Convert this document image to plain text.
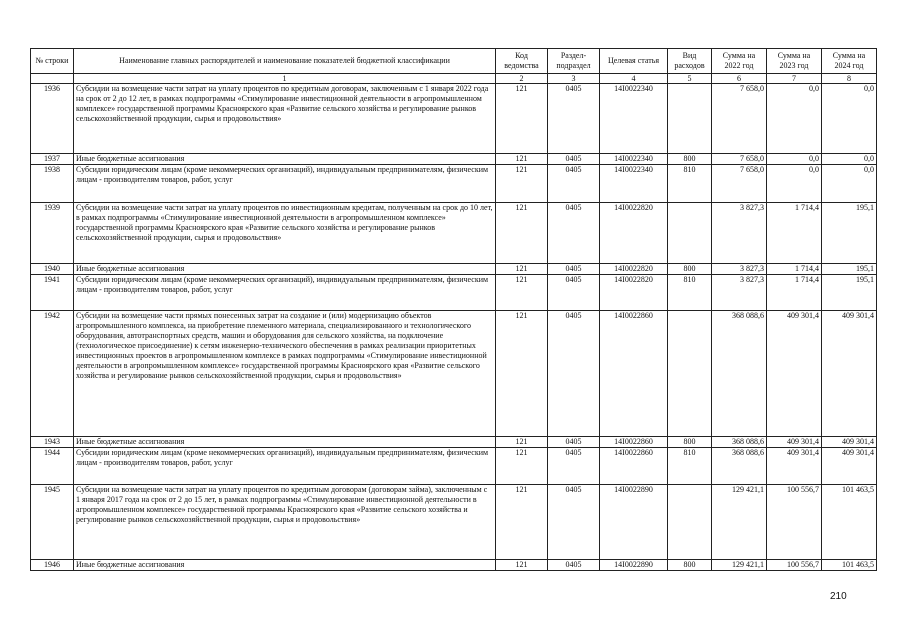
№ строки	Наименование главных распорядителей и наименование показателей бюджетной классификации	Код ведомства	Раздел- подраздел	Целевая статья	Вид расходов	Сумма на 2022 год	Сумма на 2023 год	Сумма на 2024 год
	1	2	3	4	5	6	7	8
1936	Субсидии на возмещение части затрат на уплату процентов по кредитным договорам, заключенным с 1 января 2022 года на срок от 2 до 12 лет, в рамках подпрограммы «Стимулирование инвестиционной деятельности в агропромышленном комплексе» государственной программы Красноярского края «Развитие сельского хозяйства и регулирование рынков сельскохозяйственной продукции, сырья и продовольствия»	121	0405	14I0022340		7 658,0	0,0	0,0
1937	Иные бюджетные ассигнования	121	0405	14I0022340	800	7 658,0	0,0	0,0
1938	Субсидии юридическим лицам (кроме некоммерческих организаций), индивидуальным предпринимателям, физическим лицам - производителям товаров, работ, услуг	121	0405	14I0022340	810	7 658,0	0,0	0,0
1939	Субсидии на возмещение части затрат на уплату процентов по инвестиционным кредитам, полученным на срок до 10 лет, в рамках подпрограммы «Стимулирование инвестиционной деятельности в агропромышленном комплексе» государственной программы Красноярского края «Развитие сельского хозяйства и регулирование рынков сельскохозяйственной продукции, сырья и продовольствия»	121	0405	14I0022820		3 827,3	1 714,4	195,1
1940	Иные бюджетные ассигнования	121	0405	14I0022820	800	3 827,3	1 714,4	195,1
1941	Субсидии юридическим лицам (кроме некоммерческих организаций), индивидуальным предпринимателям, физическим лицам - производителям товаров, работ, услуг	121	0405	14I0022820	810	3 827,3	1 714,4	195,1
1942	Субсидии на возмещение части прямых понесенных затрат на создание и (или) модернизацию объектов агропромышленного комплекса, на приобретение племенного материала, специализированного и технологического оборудования, автотранспортных средств, машин и оборудования для сельского хозяйства, на подключение (технологическое присоединение) к сетям инженерно-технического обеспечения в рамках реализации приоритетных инвестиционных проектов в агропромышленном комплексе в рамках подпрограммы «Стимулирование инвестиционной деятельности в агропромышленном комплексе» государственной программы Красноярского края «Развитие сельского хозяйства и регулирование рынков сельскохозяйственной продукции, сырья и продовольствия»	121	0405	14I0022860		368 088,6	409 301,4	409 301,4
1943	Иные бюджетные ассигнования	121	0405	14I0022860	800	368 088,6	409 301,4	409 301,4
1944	Субсидии юридическим лицам (кроме некоммерческих организаций), индивидуальным предпринимателям, физическим лицам - производителям товаров, работ, услуг	121	0405	14I0022860	810	368 088,6	409 301,4	409 301,4
1945	Субсидии на возмещение части затрат на уплату процентов по кредитным договорам (договорам займа), заключенным с 1 января 2017 года на срок от 2 до 15 лет, в рамках подпрограммы «Стимулирование инвестиционной деятельности в агропромышленном комплексе» государственной программы Красноярского края «Развитие сельского хозяйства и регулирование рынков сельскохозяйственной продукции, сырья и продовольствия»	121	0405	14I0022890		129 421,1	100 556,7	101 463,5
1946	Иные бюджетные ассигнования	121	0405	14I0022890	800	129 421,1	100 556,7	101 463,5
210
